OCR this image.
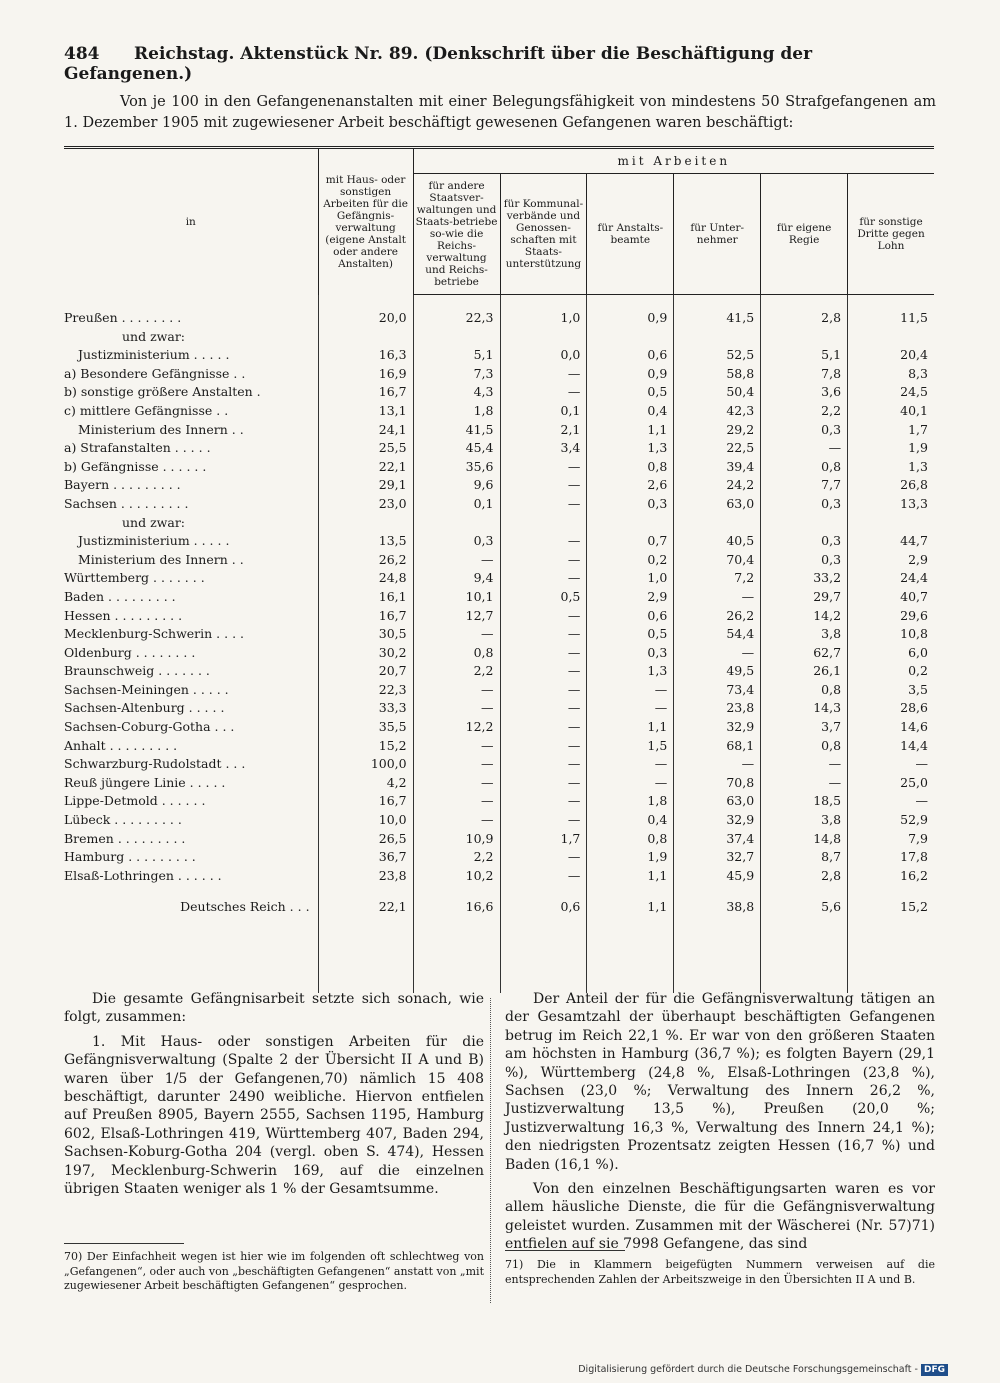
484 Reichstag. Aktenstück Nr. 89. (Denkschrift über die Beschäftigung der Gefangenen.)
Von je 100 in den Gefangenenanstalten mit einer Belegungsfähigkeit von mindestens 50 Strafgefangenen am 1. Dezember 1905 mit zugewiesener Arbeit beschäftigt gewesenen Gefangenen waren beschäftigt:
in	mit Haus- oder sonstigen Arbeiten für die Gefängnis-verwaltung (eigene Anstalt oder andere Anstalten)	mit Arbeiten					
		für andere Staatsver-waltungen und Staats-betriebe so-wie die Reichs-verwaltung und Reichs-betriebe	für Kommunal-verbände und Genossen-schaften mit Staats-unterstützung	für Anstalts-beamte	für Unter-nehmer	für eigene Regie	für sonstige Dritte gegen Lohn
Preußen . . . . . . . .	20,0	22,3	1,0	0,9	41,5	2,8	11,5
und zwar:							
Justizministerium . . . . .	16,3	5,1	0,0	0,6	52,5	5,1	20,4
a) Besondere Gefängnisse . .	16,9	7,3	—	0,9	58,8	7,8	8,3
b) sonstige größere Anstalten .	16,7	4,3	—	0,5	50,4	3,6	24,5
c) mittlere Gefängnisse . .	13,1	1,8	0,1	0,4	42,3	2,2	40,1
Ministerium des Innern . .	24,1	41,5	2,1	1,1	29,2	0,3	1,7
a) Strafanstalten . . . . .	25,5	45,4	3,4	1,3	22,5	—	1,9
b) Gefängnisse . . . . . .	22,1	35,6	—	0,8	39,4	0,8	1,3
Bayern . . . . . . . . .	29,1	9,6	—	2,6	24,2	7,7	26,8
Sachsen . . . . . . . . .	23,0	0,1	—	0,3	63,0	0,3	13,3
und zwar:							
Justizministerium . . . . .	13,5	0,3	—	0,7	40,5	0,3	44,7
Ministerium des Innern . .	26,2	—	—	0,2	70,4	0,3	2,9
Württemberg . . . . . . .	24,8	9,4	—	1,0	7,2	33,2	24,4
Baden . . . . . . . . .	16,1	10,1	0,5	2,9	—	29,7	40,7
Hessen . . . . . . . . .	16,7	12,7	—	0,6	26,2	14,2	29,6
Mecklenburg-Schwerin . . . .	30,5	—	—	0,5	54,4	3,8	10,8
Oldenburg . . . . . . . .	30,2	0,8	—	0,3	—	62,7	6,0
Braunschweig . . . . . . .	20,7	2,2	—	1,3	49,5	26,1	0,2
Sachsen-Meiningen . . . . .	22,3	—	—	—	73,4	0,8	3,5
Sachsen-Altenburg . . . . .	33,3	—	—	—	23,8	14,3	28,6
Sachsen-Coburg-Gotha . . .	35,5	12,2	—	1,1	32,9	3,7	14,6
Anhalt . . . . . . . . .	15,2	—	—	1,5	68,1	0,8	14,4
Schwarzburg-Rudolstadt . . .	100,0	—	—	—	—	—	—
Reuß jüngere Linie . . . . .	4,2	—	—	—	70,8	—	25,0
Lippe-Detmold . . . . . .	16,7	—	—	1,8	63,0	18,5	—
Lübeck . . . . . . . . .	10,0	—	—	0,4	32,9	3,8	52,9
Bremen . . . . . . . . .	26,5	10,9	1,7	0,8	37,4	14,8	7,9
Hamburg . . . . . . . . .	36,7	2,2	—	1,9	32,7	8,7	17,8
Elsaß-Lothringen . . . . . .	23,8	10,2	—	1,1	45,9	2,8	16,2
Deutsches Reich . . .	22,1	16,6	0,6	1,1	38,8	5,6	15,2

Die gesamte Gefängnisarbeit setzte sich sonach, wie folgt, zusammen:

1. Mit Haus- oder sonstigen Arbeiten für die Gefängnisverwaltung (Spalte 2 der Übersicht II A und B) waren über 1/5 der Gefangenen,70) nämlich 15 408 beschäftigt, darunter 2490 weibliche. Hiervon entfielen auf Preußen 8905, Bayern 2555, Sachsen 1195, Hamburg 602, Elsaß-Lothringen 419, Württemberg 407, Baden 294, Sachsen-Koburg-Gotha 204 (vergl. oben S. 474), Hessen 197, Mecklenburg-Schwerin 169, auf die einzelnen übrigen Staaten weniger als 1 % der Gesamtsumme.

Der Anteil der für die Gefängnisverwaltung tätigen an der Gesamtzahl der überhaupt beschäftigten Gefangenen betrug im Reich 22,1 %. Er war von den größeren Staaten am höchsten in Hamburg (36,7 %); es folgten Bayern (29,1 %), Württemberg (24,8 %, Elsaß-Lothringen (23,8 %), Sachsen (23,0 %; Verwaltung des Innern 26,2 %, Justizverwaltung 13,5 %), Preußen (20,0 %; Justizverwaltung 16,3 %, Verwaltung des Innern 24,1 %); den niedrigsten Prozentsatz zeigten Hessen (16,7 %) und Baden (16,1 %).

Von den einzelnen Beschäftigungsarten waren es vor allem häusliche Dienste, die für die Gefängnisverwaltung geleistet wurden. Zusammen mit der Wäscherei (Nr. 57)71) entfielen auf sie 7998 Gefangene, das sind

70) Der Einfachheit wegen ist hier wie im folgenden oft schlechtweg von „Gefangenen“, oder auch von „beschäftigten Gefangenen“ anstatt von „mit zugewiesener Arbeit beschäftigten Gefangenen“ gesprochen.
71) Die in Klammern beigefügten Nummern verweisen auf die entsprechenden Zahlen der Arbeitszweige in den Übersichten II A und B.
Digitalisierung gefördert durch die Deutsche Forschungsgemeinschaft - DFG
